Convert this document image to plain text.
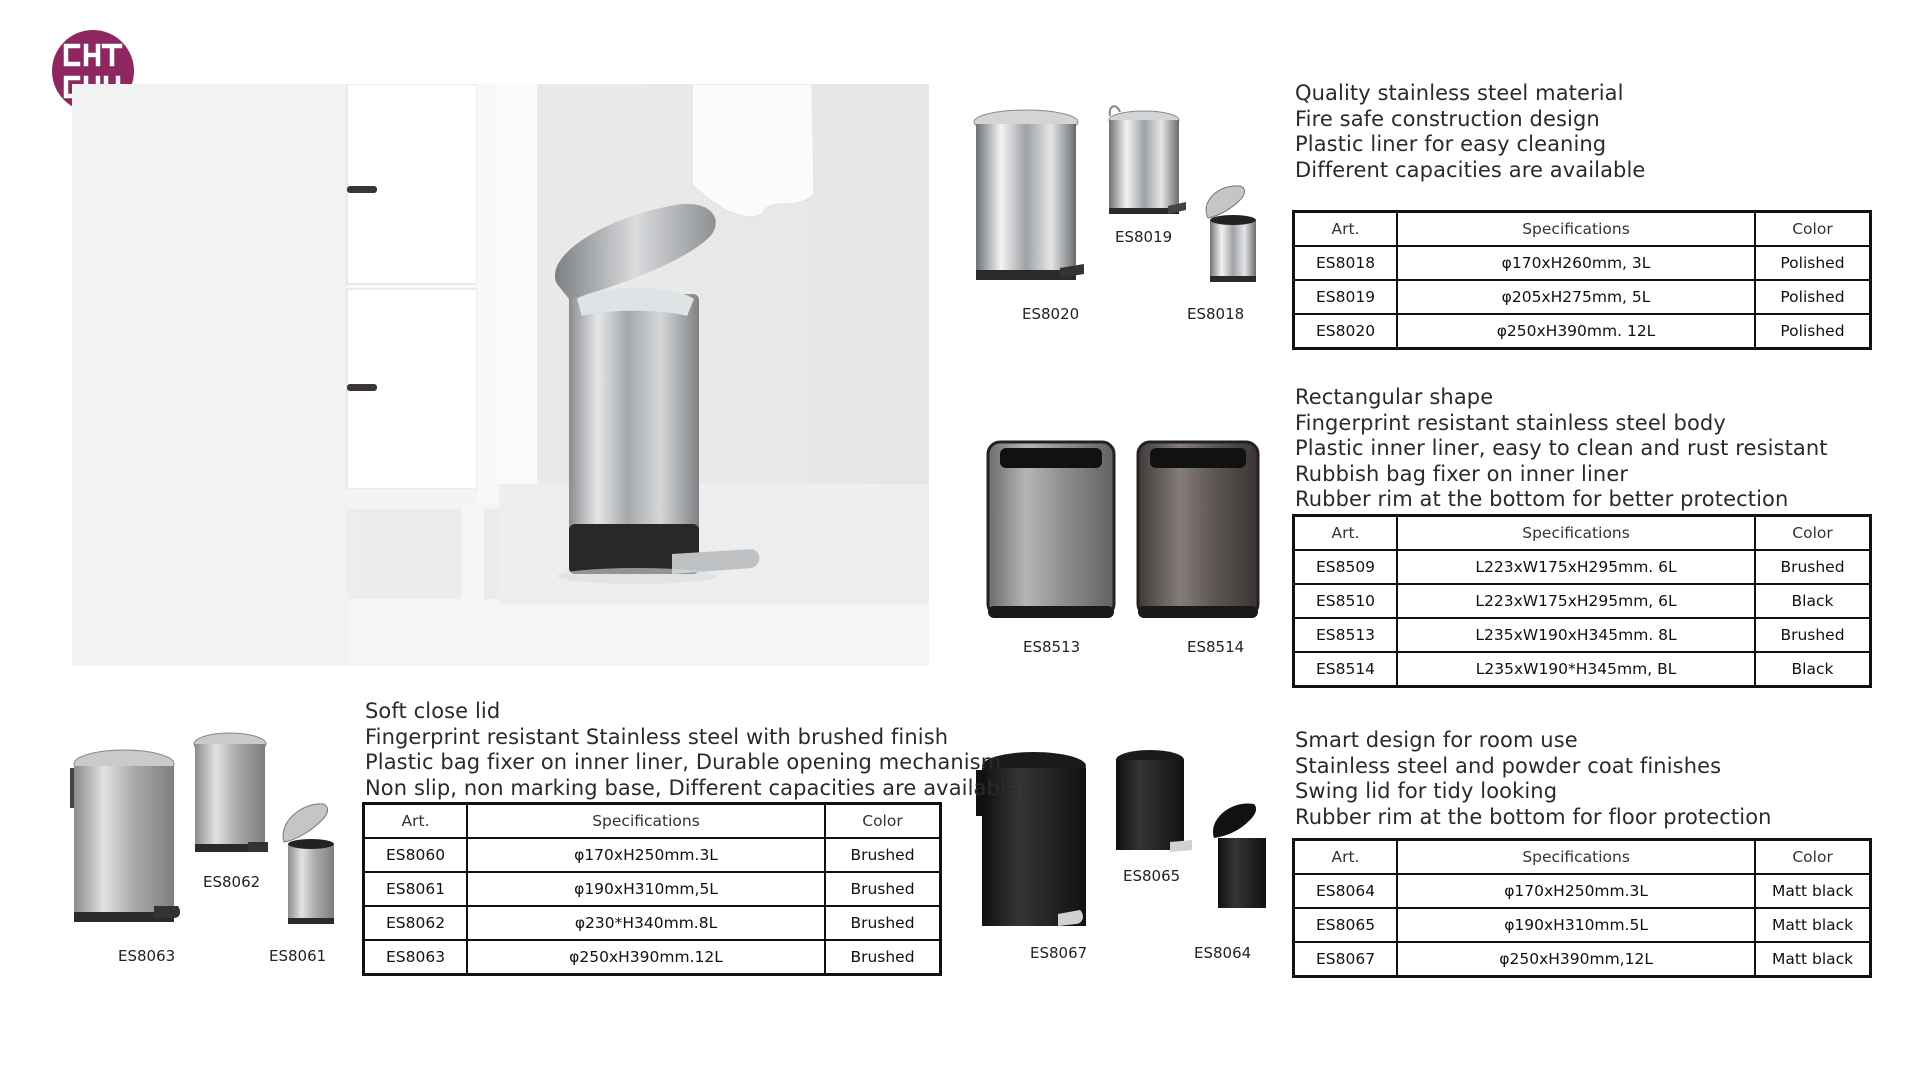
ES8020
ES8019
ES8018
ES8513	ES8514
ES8063
ES8062
ES8061	ES8067
ES8065
ES8064
Quality stainless steel material
Fire safe construction design
Plastic liner for easy cleaning
Different capacities are available
Rectangular shape
Fingerprint resistant stainless steel body
Plastic inner liner, easy to clean and rust resistant
Rubbish bag fixer on inner liner
Rubber rim at the bottom for better protection
Soft close lid
Fingerprint resistant Stainless steel with brushed finish
Plastic bag fixer on inner liner, Durable opening mechanism
Non slip, non marking base, Different capacities are available
Smart design for room use
Stainless steel and powder coat finishes
Swing lid for tidy looking
Rubber rim at the bottom for floor protection
Art.	Specifications	Color
ES8018	φ170xH260mm, 3L	Polished
ES8019	φ205xH275mm, 5L	Polished
ES8020	φ250xH390mm. 12L	Polished
Art.	Specifications	Color
ES8509	L223xW175xH295mm. 6L	Brushed
ES8510	L223xW175xH295mm, 6L	Black
ES8513	L235xW190xH345mm. 8L	Brushed
ES8514	L235xW190*H345mm, BL	Black
Art.	Specifications	Color
ES8060	φ170xH250mm.3L	Brushed
ES8061	φ190xH310mm,5L	Brushed
ES8062	φ230*H340mm.8L	Brushed
ES8063	φ250xH390mm.12L	Brushed
Art.	Specifications	Color
ES8064	φ170xH250mm.3L	Matt black
ES8065	φ190xH310mm.5L	Matt black
ES8067	φ250xH390mm,12L	Matt black
